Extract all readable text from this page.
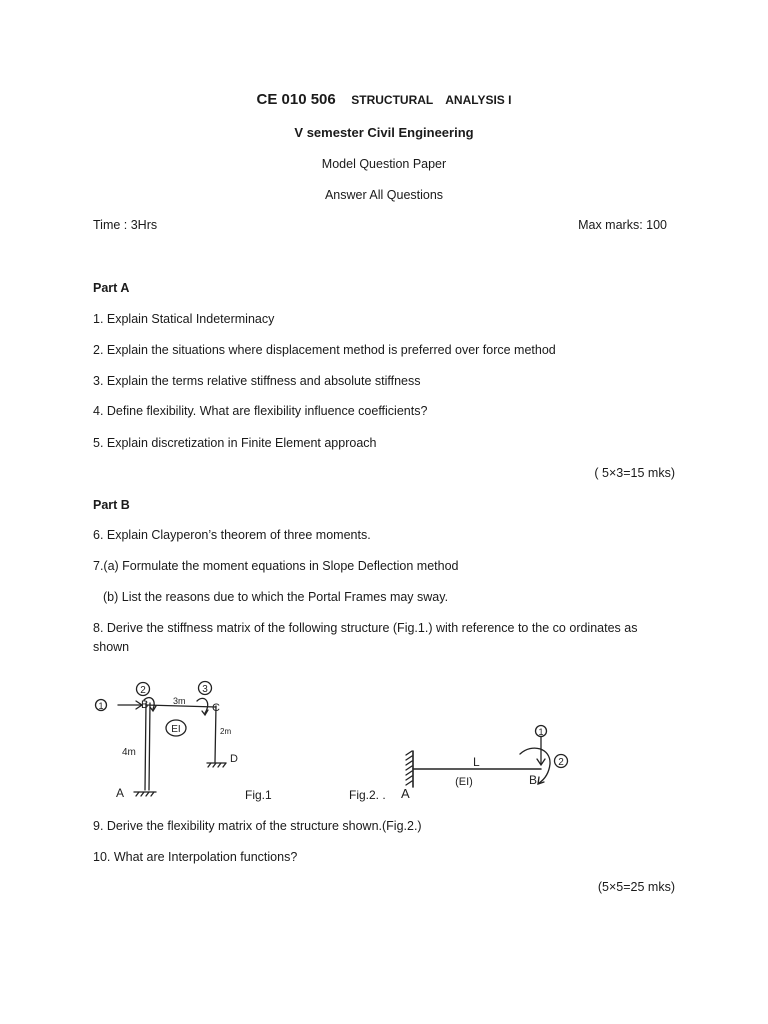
CE 010 506 STRUCTURAL ANALYSIS I
V semester Civil Engineering
Model Question Paper
Answer All Questions
Time : 3Hrs	Max marks: 100
Part A
1. Explain Statical Indeterminacy
2. Explain the situations where displacement method is preferred over force method
3. Explain the terms relative stiffness and absolute stiffness
4. Define flexibility. What are flexibility influence coefficients?
5. Explain discretization in Finite Element approach
( 5×3=15 mks)
Part B
6. Explain Clayperon’s theorem of three moments.
7.(a) Formulate the moment equations in Slope Deflection method
(b) List the reasons due to which the Portal Frames may sway.
8. Derive the stiffness matrix of the following structure (Fig.1.) with reference to the co ordinates as
shown
1
2	3
B	C
3m
EI	2m
4m
D
A	Fig.1	Fig.2. .
1
2
L
(EI)	B
A
9. Derive the flexibility matrix of the structure shown.(Fig.2.)
10. What are Interpolation functions?
(5×5=25 mks)
